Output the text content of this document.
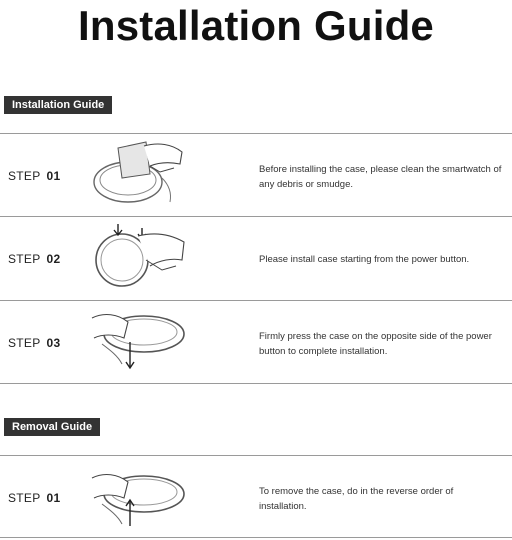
Installation Guide
Installation Guide
STEP 01	Before installing the case, please clean the smartwatch of any debris or smudge.
STEP 02	Please install case starting from the power button.
STEP 03	Firmly press the case on the opposite side of the power button to complete installation.
Removal Guide
STEP 01	To remove the case, do in the reverse order of installation.
